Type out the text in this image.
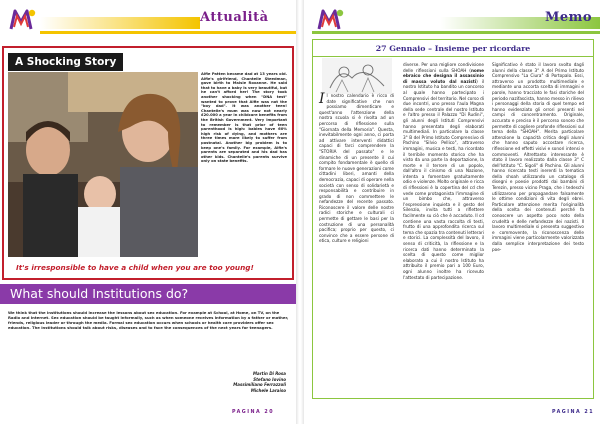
Attualità
A Shocking Story
Alfie Patten became dad at 13 years old. Alfie's girlfriend, Chantelle Steedman, gave birth to Maisie Roxanne. He said that to have a baby is very beautiful, but he can't afford her! The story took another shocking when "DNA test" wanted to prove that Alfie was not the "boy dad". It was another teen! Chantelle's mum was now not nearly £20.000 a year in childcare benefits from the British Government. Very important to remember is that prior of teen parenthood is high: babies have 60% high risk of dying, and mothers are three times more likely to suffer from postnatal. Another big problem is to keep one's family. For example, Alfie's parents are separated and his dad has other kids. Chantelle's parents survive only on state benefits.
It's irresponsible to have a child when you are too young!
What should Institutions do?
We think that the institutions should increase the lessons about sex education. For example at School, at Home, on TV, on the Radio and Internet. Sex education should be taught informally, such as when someone receives information by a father or mother, friends, religious leader or through the media. Formal sex education occurs when schools or health care providers offer sex education. The institutions should talk about risks, diseases and to face the consequences of the next years for teenagers.
Martin Di Rosa
Stefano Iovino
Massimiliano Ferrazzoli
Michele Laraiso
PAGINA 20
Memo
27 Gennaio – Insieme per ricordare
Il nostro calendario è ricco di date significative che non possiamo dimenticare e quest'anno l'attenzione della nostra scuola si è rivolta ad un percorso di riflessione sulla "Giornata della Memoria". Questa, inevitabilmente ogni anno, ci porta ad attivare interventi didattici capaci di farci comprendere la "STORIA del passato" e le dinamiche di un presente il cui compito fondamentale è quello di formare le nuove generazioni come cittadini liberi, amanti della democrazia, capaci di operare nella società con senso di solidarietà e responsabilità e contribuire in grado di non commettere le nefandezze del recente passato. Riconoscere il valore delle nostre radici storiche e culturali ci permette di gettare le basi per la costruzione di una personalità pacifica; proprio per questo, ci convince che a essere persone di etica, culture e religioni
diverse. Per una migliore condivisione delle riflessioni sulla SHOAH (nome ebraico che designa il assassinio di massa voluto dal nazisti) il nostro Istituto ha bandito un concorso al quale hanno partecipato i Comprensivi del territorio. Nel corso di due incontri, uno presso l'aula Magna della sede centrale del nostro Istituto e l'altro presso il Palazzo "Di Rudini", gli alunni degli Istituti Comprensivi hanno presentato degli elaborati multimediali. In particolare la classe 3° B del Primo Istituto Comprensivo di Pachino "Silvio Pellico", attraverso immagini, musica e testi, ha ricordato il terribile momento storico che ha visto da una parte la deportazione, la morte e il terrore di un popolo, dall'altro il cinismo di una Nazione, intenta a fomentare gratuitamente odio e violenze. Molto originale e ricca di riflessioni è la copertina del cd che vede come protagonista l'immagine di un bimbo che, attraverso l'espressione inquieta e il gesto del Silenzio, invita tutti a riflettere facilmente su ciò che è accaduto. Il cd contiene una vasta raccolta di testi, frutto di una approfondita ricerca sul tema che spazia tra contenuti letterari e storici. La complessità del lavoro, il senso di criticità, la riflessione e la ricerca dati hanno determinato la scelta di questo come miglior elaborato a cui il nostro Istituto ha attribuito il premio pari a 100 Euro, ogni alunno inoltre ha ricevuto l'attestato di partecipazione.
Significativo è stato il lavoro svolto dagli alunni della classe 3° A del Primo Istituto Comprensivo "La Ciura" di Portopalo. Essi, attraverso un prodotto multimediale e mediante una accorta scelta di immagini e parole, hanno tracciato le fasi storiche del periodo nazifascista, hanno messo in rilievo i personaggi della storia di quel tempo ed hanno evidenziato gli orrori presenti nei campi di concentramento. Originale, accurato e preciso è il percorso sonoro che permette di cogliere profonde riflessioni sul tema della "SHOAH". Merita particolare attenzione la capacità critica degli alunni che hanno saputo accostare ricerca, riflessione ed effetti visivi e sonori intensi e commoventi. Altrettanto interessante è stato il lavoro realizzato dalla classe 3° C dell'Istituto "C. Sigoli" di Pachino. Gli alunni hanno ricercato testi inerenti la tematica della shoah utilizzando un catalogo di disegni e poesie prodotti dai bambini di Terezin, presso vicino Praga, che i tedeschi utilizzarono per propagandare falsamente le ottime condizioni di vita degli ebrei. Particolare attenzione merita l'originalità della scelta dei contenuti perché fa conoscere un aspetto poco noto della crudeltà e delle nefandezze dei nazisti. Il lavoro multimediale si presenta suggestivo e commovente, la riconoscenza delle immagini viene particolarmente valorizzata dalla semplice interpretazione dei testo poe-
PAGINA 21
